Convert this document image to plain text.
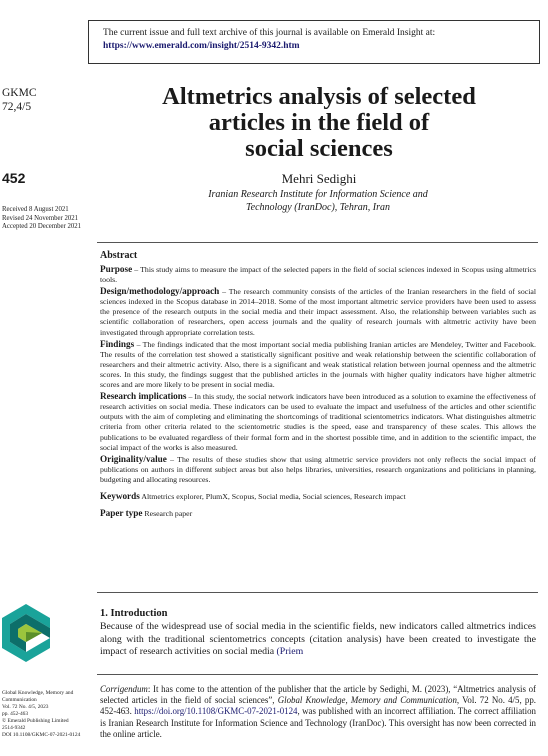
The current issue and full text archive of this journal is available on Emerald Insight at:
https://www.emerald.com/insight/2514-9342.htm
GKMC
72,4/5
452
Received 8 August 2021
Revised 24 November 2021
Accepted 20 December 2021
Global Knowledge, Memory and
Communication
Vol. 72 No. 4/5, 2023
pp. 452-463
© Emerald Publishing Limited
2514-9342
DOI 10.1108/GKMC-07-2021-0124
Altmetrics analysis of selected
articles in the field of
social sciences
Mehri Sedighi
Iranian Research Institute for Information Science and
Technology (IranDoc), Tehran, Iran
Abstract

Purpose – This study aims to measure the impact of the selected papers in the field of social sciences indexed in Scopus using altmetrics tools.

Design/methodology/approach – The research community consists of the articles of the Iranian researchers in the field of social sciences indexed in the Scopus database in 2014–2018. Some of the most important altmetric service providers have been used to assess the presence of the research outputs in the social media and their impact assessment. Also, the relationship between variables such as scientific collaboration of researchers, open access journals and the quality of research journals with altmetric activity have been investigated through appropriate correlation tests.

Findings – The findings indicated that the most important social media publishing Iranian articles are Mendeley, Twitter and Facebook. The results of the correlation test showed a statistically significant positive and weak relationship between the scientific collaboration of researchers and their altmetric activity. Also, there is a significant and weak statistical relation between journal openness and the altmetric scores. In this study, the findings suggest that the published articles in the journals with higher quality indicators have higher altmetric scores and are more likely to be present in social media.

Research implications – In this study, the social network indicators have been introduced as a solution to examine the effectiveness of research activities on social media. These indicators can be used to evaluate the impact and usefulness of the articles and other scientific outputs with the aim of completing and eliminating the shortcomings of traditional scientometrics indicators. What distinguishes altmetric criteria from other criteria related to the scientometric studies is the speed, ease and transparency of these scales. This allows the publications to be evaluated regardless of their formal form and in the shortest possible time, and in addition to the scientific impact, the social impact of the works is also measured.

Originality/value – The results of these studies show that using altmetric service providers not only reflects the social impact of publications on authors in different subject areas but also helps libraries, universities, research organizations and politicians in planning, budgeting and allocating resources.

Keywords Altmetrics explorer, PlumX, Scopus, Social media, Social sciences, Research impact

Paper type Research paper

1. Introduction
Because of the widespread use of social media in the scientific fields, new indicators called altmetrics indices along with the traditional scientometrics concepts (citation analysis) have been created to investigate the impact of research activities on social media (Priem
Corrigendum: It has come to the attention of the publisher that the article by Sedighi, M. (2023), “Altmetrics analysis of selected articles in the field of social sciences”, Global Knowledge, Memory and Communication, Vol. 72 No. 4/5, pp. 452-463. https://doi.org/10.1108/GKMC-07-2021-0124, was published with an incorrect affiliation. The correct affiliation is Iranian Research Institute for Information Science and Technology (IranDoc). This oversight has now been corrected in the online article.
